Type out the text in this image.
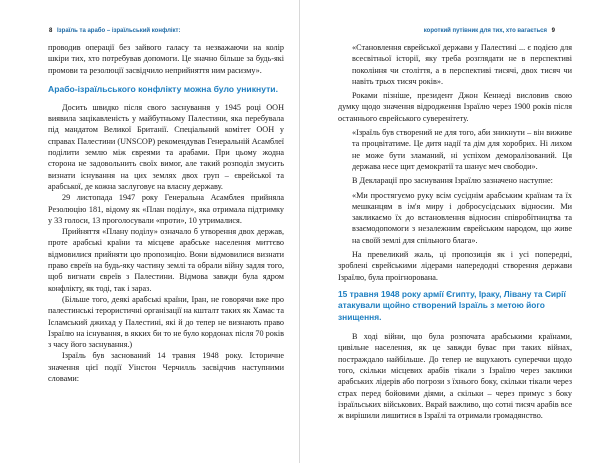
8 Ізраїль та арабо – ізраїльський конфлікт:

проводив операції без зайвого галасу та незважаючи на колір шкіри тих, хто потребував допомоги. Це значно більше за будь-які промови та резолюції засвідчило неприйняття ним расизму».

Арабо-ізраїльського конфлікту можна було уникнути.

Досить швидко після свого заснування у 1945 році ООН виявила зацікавленість у майбутньому Палестини, яка перебувала під мандатом Великої Британії. Спеціальний комітет ООН у справах Палестини (UNSCOP) рекомендував Генеральній Асамблеї поділити землю між євреями та арабами. При цьому жодна сторона не задовольнить своїх вимог, але такий розподіл змусить визнати існування на цих землях двох груп – єврейської та арабської, де кожна заслуговує на власну державу.

29 листопада 1947 року Генеральна Асамблея прийняла Резолюцію 181, відому як «План поділу», яка отримала підтримку у 33 голоси, 13 проголосували «проти», 10 утрималися.

Прийняття «Плану поділу» означало б утворення двох держав, проте арабські країни та місцеве арабське населення миттєво відмовилися прийняти цю пропозицію. Вони відмовилися визнати право євреїв на будь-яку частину землі та обрали війну задля того, щоб вигнати євреїв з Палестини. Відмова завжди була ядром конфлікту, як тоді, так і зараз.

(Більше того, деякі арабські країни, Іран, не говорячи вже про палестинські терористичні організації на кшталт таких як Хамас та Ісламський джихад у Палестині, які й до тепер не визнають право Ізраїлю на існування, в якких би то не було кордонах після 70 років з часу його заснування.)

Ізраїль був заснований 14 травня 1948 року. Історичне значення цієї події Уінстон Черчилль засвідчив наступними словами:

короткий путівник для тих, хто вагається 9

«Становлення єврейської держави у Палестині ... є подією для всесвітньої історії, яку треба розглядати не в перспективі покоління чи століття, а в перспективі тисячі, двох тисяч чи навіть трьох тисяч років».

Роками пізніше, президент Джон Кеннеді висловив свою думку щодо значення відродження Ізраїлю через 1900 років після останнього єврейського суверенітету.

«Ізраїль був створений не для того, аби зникнути – він виживе та процвітатиме. Це дитя надії та дім для хоробрих. Ні лихом не може бути зламаний, ні успіхом деморалізований. Ця держава несе щит демократії та шанує меч свободи».

В Декларації про заснування Ізраїлю зазначено наступне:

«Ми простягуємо руку всім сусіднім арабським країнам та їх мешканцям в ім'я миру і добросусідських відносин. Ми закликаємо їх до встановлення відносин співробітництва та взаємодопомоги з незалежним єврейським народом, що живе на своїй землі для спільного блага».

На превеликий жаль, ці пропозиція як і усі попередні, зроблені єврейськими лідерами напередодні створення держави Ізраїлю, була проігнорована.

15 травня 1948 року армії Єгипту, Іраку, Лівану та Сирії атакували щойно створений Ізраїль з метою його знищення.

В ході війни, що була розпочата арабськими країнами, цивільне населення, як це завжди буває при таких війнах, постраждало найбільше. До тепер не вщухають суперечки щодо того, скільки місцевих арабів тікали з Ізраїлю через заклики арабських лідерів або погрози з їхнього боку, скільки тікали через страх перед бойовими діями, а скільки – через примус з боку ізраїльських військових. Вкрай важливо, що сотні тисяч арабів все ж вирішили лишитися в Ізраїлі та отримали громадянство.
